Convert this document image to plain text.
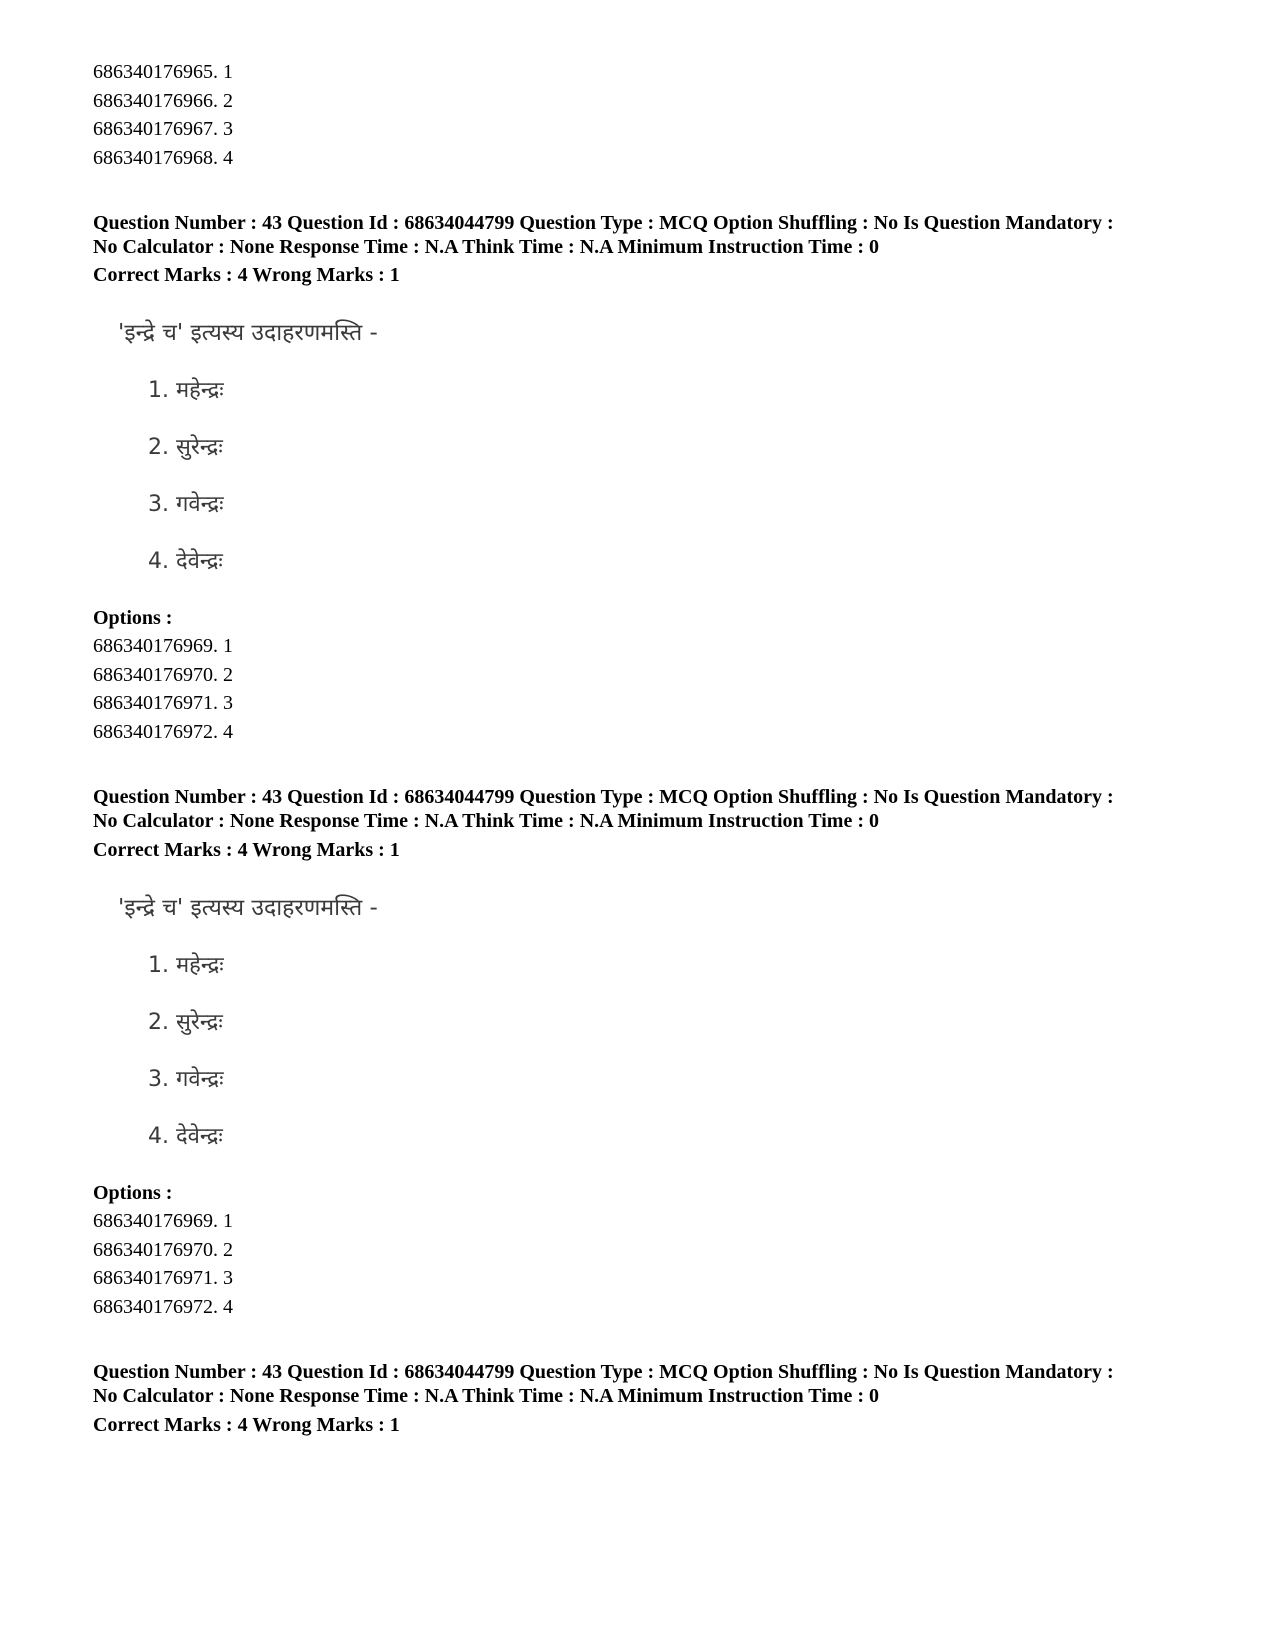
686340176965. 1
686340176966. 2
686340176967. 3
686340176968. 4
Question Number : 43 Question Id : 68634044799 Question Type : MCQ Option Shuffling : No Is Question Mandatory :
No Calculator : None Response Time : N.A Think Time : N.A Minimum Instruction Time : 0
Correct Marks : 4 Wrong Marks : 1
'इन्द्रे च' इत्यस्य उदाहरणमस्ति -
1. महेन्द्रः
2. सुरेन्द्रः
3. गवेन्द्रः
4. देवेन्द्रः
Options :
686340176969. 1
686340176970. 2
686340176971. 3
686340176972. 4
Question Number : 43 Question Id : 68634044799 Question Type : MCQ Option Shuffling : No Is Question Mandatory :
No Calculator : None Response Time : N.A Think Time : N.A Minimum Instruction Time : 0
Correct Marks : 4 Wrong Marks : 1
'इन्द्रे च' इत्यस्य उदाहरणमस्ति -
1. महेन्द्रः
2. सुरेन्द्रः
3. गवेन्द्रः
4. देवेन्द्रः
Options :
686340176969. 1
686340176970. 2
686340176971. 3
686340176972. 4
Question Number : 43 Question Id : 68634044799 Question Type : MCQ Option Shuffling : No Is Question Mandatory :
No Calculator : None Response Time : N.A Think Time : N.A Minimum Instruction Time : 0
Correct Marks : 4 Wrong Marks : 1
